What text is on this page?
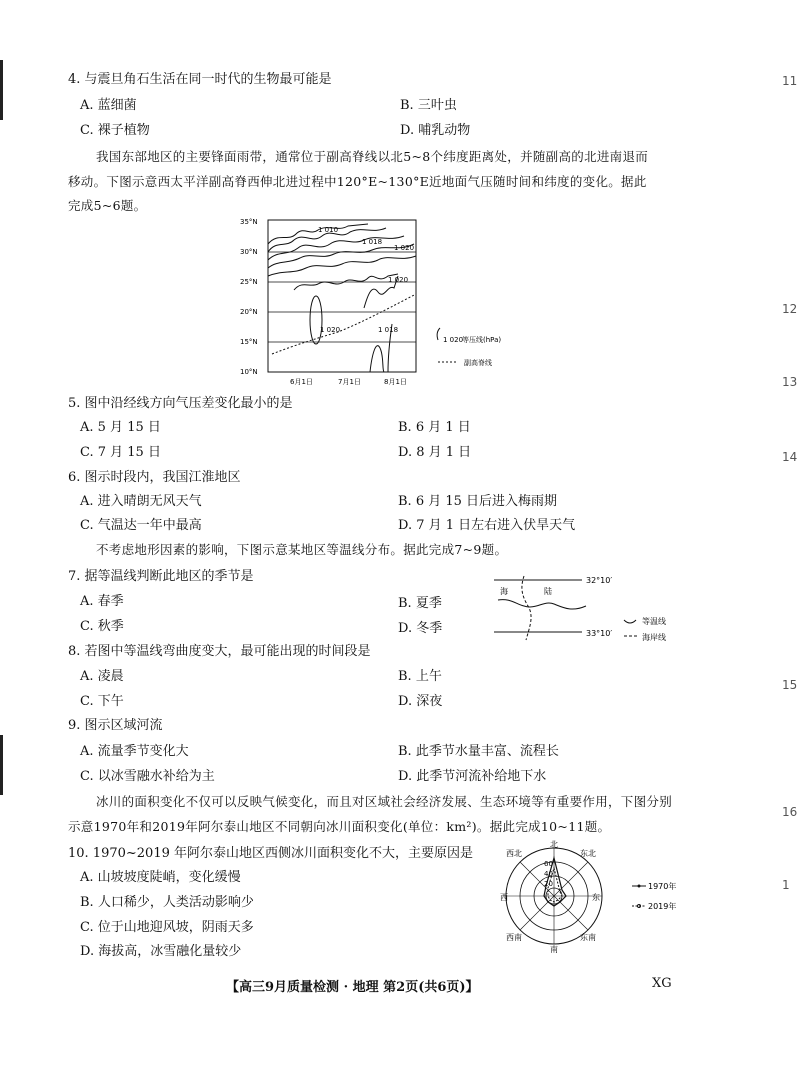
11
12
13
14
15
16
1
4. 与震旦角石生活在同一时代的生物最可能是
A. 蓝细菌	B. 三叶虫
C. 裸子植物	D. 哺乳动物
我国东部地区的主要锋面雨带，通常位于副高脊线以北5~8个纬度距离处，并随副高的北进南退而
移动。下图示意西太平洋副高脊西伸北进过程中120°E~130°E近地面气压随时间和纬度的变化。据此
完成5~6题。
35°N
30°N
25°N
20°N
15°N
10°N
6月1日	7月1日	8月1日
1 010
1 018
1 020
1 020
1 020	1 018
1 020
等压线(hPa)
副高脊线
5. 图中沿经线方向气压差变化最小的是
A. 5 月 15 日	B. 6 月 1 日
C. 7 月 15 日	D. 8 月 1 日
6. 图示时段内，我国江淮地区
A. 进入晴朗无风天气	B. 6 月 15 日后进入梅雨期
C. 气温达一年中最高	D. 7 月 1 日左右进入伏旱天气
不考虑地形因素的影响，下图示意某地区等温线分布。据此完成7~9题。
7. 据等温线判断此地区的季节是
A. 春季	B. 夏季
C. 秋季	D. 冬季
海	陆
32°10′
33°10′
等温线
海岸线
8. 若图中等温线弯曲度变大，最可能出现的时间段是
A. 凌晨	B. 上午
C. 下午	D. 深夜
9. 图示区域河流
A. 流量季节变化大	B. 此季节水量丰富、流程长
C. 以冰雪融水补给为主	D. 此季节河流补给地下水
冰川的面积变化不仅可以反映气候变化，而且对区域社会经济发展、生态环境等有重要作用，下图分别
示意1970年和2019年阿尔泰山地区不同朝向冰川面积变化(单位：km²)。据此完成10~11题。
10. 1970~2019 年阿尔泰山地区西侧冰川面积变化不大，主要原因是
A. 山坡坡度陡峭，变化缓慢
B. 人口稀少，人类活动影响少
C. 位于山地迎风坡，阴雨天多
D. 海拔高，冰雪融化量较少
北
东北
东
东南
南
西南
西
西北
60
40
20	1970年
2019年
【高三9月质量检测 · 地理 第2页(共6页)】	XG
